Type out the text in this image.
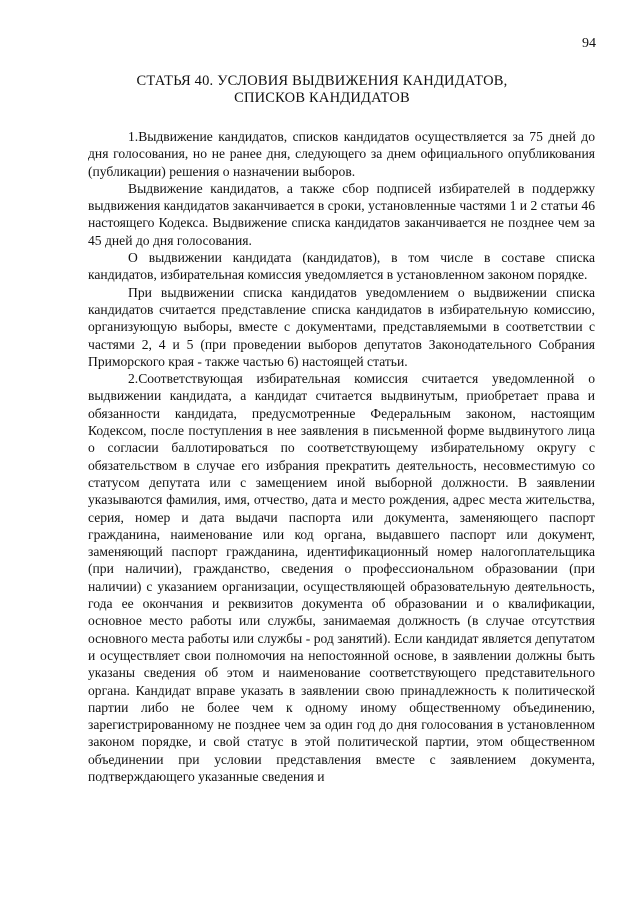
94
СТАТЬЯ 40. УСЛОВИЯ ВЫДВИЖЕНИЯ КАНДИДАТОВ,
СПИСКОВ КАНДИДАТОВ

1.Выдвижение кандидатов, списков кандидатов осуществляется за 75 дней до дня голосования, но не ранее дня, следующего за днем официального опубликования (публикации) решения о назначении выборов.

Выдвижение кандидатов, а также сбор подписей избирателей в поддержку выдвижения кандидатов заканчивается в сроки, установленные частями 1 и 2 статьи 46 настоящего Кодекса. Выдвижение списка кандидатов заканчивается не позднее чем за 45 дней до дня голосования.

О выдвижении кандидата (кандидатов), в том числе в составе списка кандидатов, избирательная комиссия уведомляется в установленном законом порядке.

При выдвижении списка кандидатов уведомлением о выдвижении списка кандидатов считается представление списка кандидатов в избирательную комиссию, организующую выборы, вместе с документами, представляемыми в соответствии с частями 2, 4 и 5 (при проведении выборов депутатов Законодательного Собрания Приморского края - также частью 6) настоящей статьи.

2.Соответствующая избирательная комиссия считается уведомленной о выдвижении кандидата, а кандидат считается выдвинутым, приобретает права и обязанности кандидата, предусмотренные Федеральным законом, настоящим Кодексом, после поступления в нее заявления в письменной форме выдвинутого лица о согласии баллотироваться по соответствующему избирательному округу с обязательством в случае его избрания прекратить деятельность, несовместимую со статусом депутата или с замещением иной выборной должности. В заявлении указываются фамилия, имя, отчество, дата и место рождения, адрес места жительства, серия, номер и дата выдачи паспорта или документа, заменяющего паспорт гражданина, наименование или код органа, выдавшего паспорт или документ, заменяющий паспорт гражданина, идентификационный номер налогоплательщика (при наличии), гражданство, сведения о профессиональном образовании (при наличии) с указанием организации, осуществляющей образовательную деятельность, года ее окончания и реквизитов документа об образовании и о квалификации, основное место работы или службы, занимаемая должность (в случае отсутствия основного места работы или службы - род занятий). Если кандидат является депутатом и осуществляет свои полномочия на непостоянной основе, в заявлении должны быть указаны сведения об этом и наименование соответствующего представительного органа. Кандидат вправе указать в заявлении свою принадлежность к политической партии либо не более чем к одному иному общественному объединению, зарегистрированному не позднее чем за один год до дня голосования в установленном законом порядке, и свой статус в этой политической партии, этом общественном объединении при условии представления вместе с заявлением документа, подтверждающего указанные сведения и
